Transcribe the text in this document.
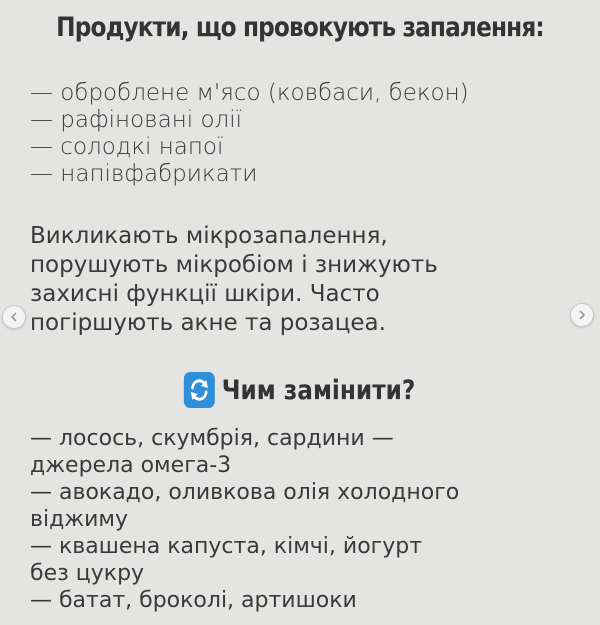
Продукти, що провокують запалення:
— оброблене м'ясо (ковбаси, бекон)
— рафіновані олії
— солодкі напої
— напівфабрикати

Викликають мікрозапалення,
порушують мікробіом і знижують
захисні функції шкіри. Часто
погіршують акне та розацеа.

Чим замінити?
— лосось, скумбрія, сардини —
джерела омега-3
— авокадо, оливкова олія холодного
віджиму
— квашена капуста, кімчі, йогурт
без цукру
— батат, броколі, артишоки
